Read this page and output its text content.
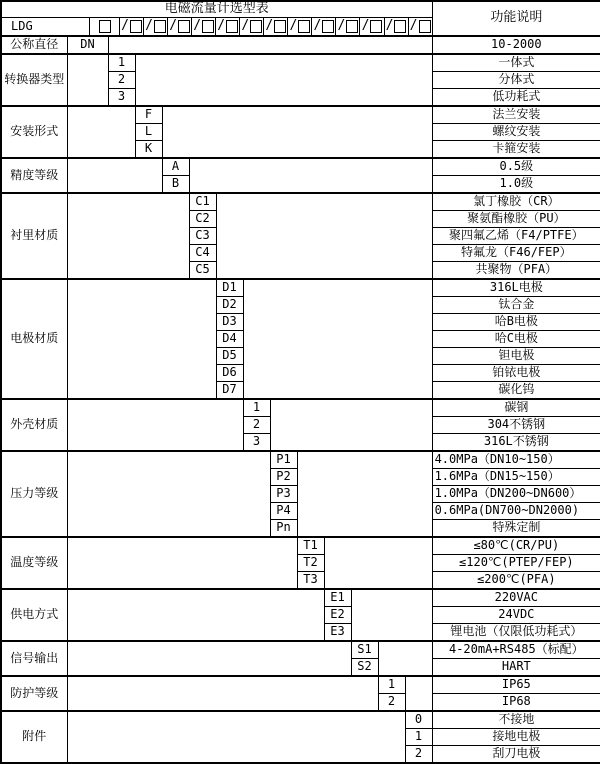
电磁流量计选型表														功能说明

LDG	/ / / / / / / / / / / / /

公称直径	DN													10-2000
转换器类型		1												一体式
		2												分体式
		3												低功耗式
安装形式			F											法兰安装
			L											螺纹安装
			K											卡箍安装
精度等级				A										0.5级
				B										1.0级
衬里材质					C1									氯丁橡胶（CR）
					C2									聚氨酯橡胶（PU）
					C3									聚四氟乙烯（F4/PTFE）
					C4									特氟龙（F46/FEP）
					C5									共聚物（PFA）
电极材质						D1								316L电极
						D2								钛合金
						D3								哈B电极
						D4								哈C电极
						D5								钽电极
						D6								铂铱电极
						D7								碳化钨
外壳材质							1							碳钢
							2							304不锈钢
							3							316L不锈钢
压力等级								P1						4.0MPa（DN10~150）
								P2						1.6MPa（DN15~150）
								P3						1.0MPa（DN200~DN600）
								P4						0.6MPa(DN700~DN2000)
								Pn						特殊定制
温度等级									T1					≤80℃(CR/PU)
									T2					≤120℃(PTEP/FEP)
									T3					≤200℃(PFA)
供电方式										E1				220VAC
										E2				24VDC
										E3				锂电池（仅限低功耗式）
信号输出											S1			4-20mA+RS485（标配）
											S2			HART
防护等级												1		IP65
												2		IP68
附件													0	不接地
													1	接地电极
													2	刮刀电极
